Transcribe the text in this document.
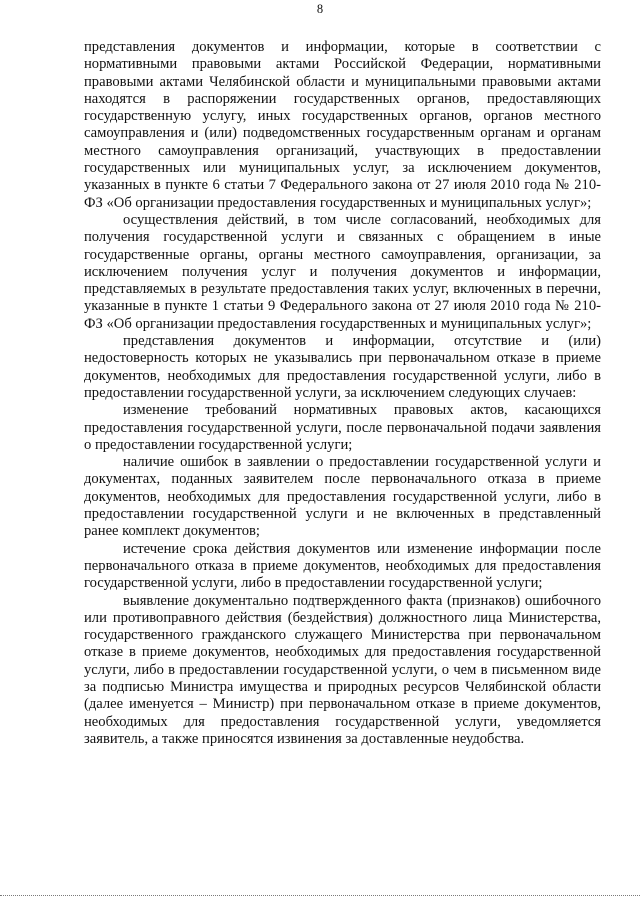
8

представления документов и информации, которые в соответствии с нормативными правовыми актами Российской Федерации, нормативными правовыми актами Челябинской области и муниципальными правовыми актами находятся в распоряжении государственных органов, предоставляющих государственную услугу, иных государственных органов, органов местного самоуправления и (или) подведомственных государственным органам и органам местного самоуправления организаций, участвующих в предоставлении государственных или муниципальных услуг, за исключением документов, указанных в пункте 6 статьи 7 Федерального закона от 27 июля 2010 года № 210-ФЗ «Об организации предоставления государственных и муниципальных услуг»;

осуществления действий, в том числе согласований, необходимых для получения государственной услуги и связанных с обращением в иные государственные органы, органы местного самоуправления, организации, за исключением получения услуг и получения документов и информации, представляемых в результате предоставления таких услуг, включенных в перечни, указанные в пункте 1 статьи 9 Федерального закона от 27 июля 2010 года № 210-ФЗ «Об организации предоставления государственных и муниципальных услуг»;

представления документов и информации, отсутствие и (или) недостоверность которых не указывались при первоначальном отказе в приеме документов, необходимых для предоставления государственной услуги, либо в предоставлении государственной услуги, за исключением следующих случаев:

изменение требований нормативных правовых актов, касающихся предоставления государственной услуги, после первоначальной подачи заявления о предоставлении государственной услуги;

наличие ошибок в заявлении о предоставлении государственной услуги и документах, поданных заявителем после первоначального отказа в приеме документов, необходимых для предоставления государственной услуги, либо в предоставлении государственной услуги и не включенных в представленный ранее комплект документов;

истечение срока действия документов или изменение информации после первоначального отказа в приеме документов, необходимых для предоставления государственной услуги, либо в предоставлении государственной услуги;

выявление документально подтвержденного факта (признаков) ошибочного или противоправного действия (бездействия) должностного лица Министерства, государственного гражданского служащего Министерства при первоначальном отказе в приеме документов, необходимых для предоставления государственной услуги, либо в предоставлении государственной услуги, о чем в письменном виде за подписью Министра имущества и природных ресурсов Челябинской области (далее именуется – Министр) при первоначальном отказе в приеме документов, необходимых для предоставления государственной услуги, уведомляется заявитель, а также приносятся извинения за доставленные неудобства.
